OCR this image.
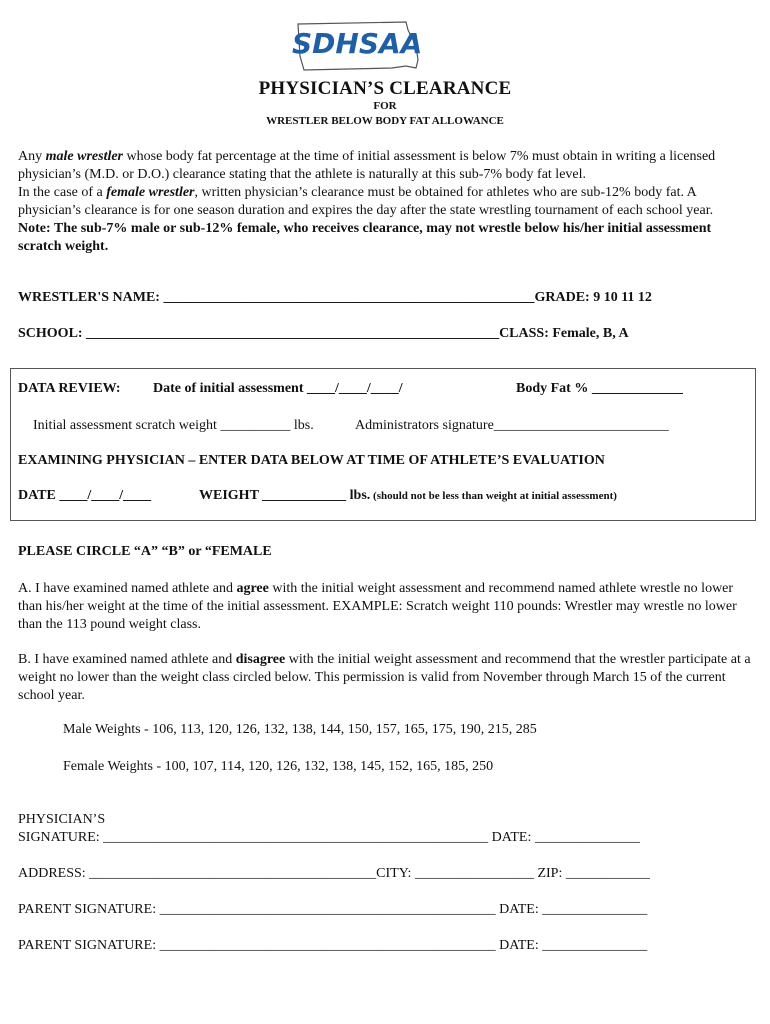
SDHSAA

PHYSICIAN’S CLEARANCE

FOR

WRESTLER BELOW BODY FAT ALLOWANCE

Any male wrestler whose body fat percentage at the time of initial assessment is below 7% must obtain in writing a licensed physician’s (M.D. or D.O.) clearance stating that the athlete is naturally at this sub-7% body fat level.

In the case of a female wrestler, written physician’s clearance must be obtained for athletes who are sub-12% body fat. A physician’s clearance is for one season duration and expires the day after the state wrestling tournament of each school year.

Note: The sub-7% male or sub-12% female, who receives clearance, may not wrestle below his/her initial assessment scratch weight.

WRESTLER'S NAME: _____________________________________________________GRADE: 9 10 11 12

SCHOOL: ___________________________________________________________CLASS: Female, B, A

DATA REVIEW: Date of initial assessment ____/____/____/	Body Fat % _____________

Initial assessment scratch weight __________ lbs.	Administrators signature_________________________

EXAMINING PHYSICIAN – ENTER DATA BELOW AT TIME OF ATHLETE’S EVALUATION

DATE ____/____/____	WEIGHT ____________ lbs. (should not be less than weight at initial assessment)

PLEASE CIRCLE “A” “B” or “FEMALE

A. I have examined named athlete and agree with the initial weight assessment and recommend named athlete wrestle no lower than his/her weight at the time of the initial assessment. EXAMPLE: Scratch weight 110 pounds: Wrestler may wrestle no lower than the 113 pound weight class.

B. I have examined named athlete and disagree with the initial weight assessment and recommend that the wrestler participate at a weight no lower than the weight class circled below. This permission is valid from November through March 15 of the current school year.

Male Weights - 106, 113, 120, 126, 132, 138, 144, 150, 157, 165, 175, 190, 215, 285

Female Weights - 100, 107, 114, 120, 126, 132, 138, 145, 152, 165, 185, 250

PHYSICIAN’S

SIGNATURE: _______________________________________________________ DATE: _______________

ADDRESS: _________________________________________CITY: _________________ ZIP: ____________

PARENT SIGNATURE: ________________________________________________ DATE: _______________

PARENT SIGNATURE: ________________________________________________ DATE: _______________
